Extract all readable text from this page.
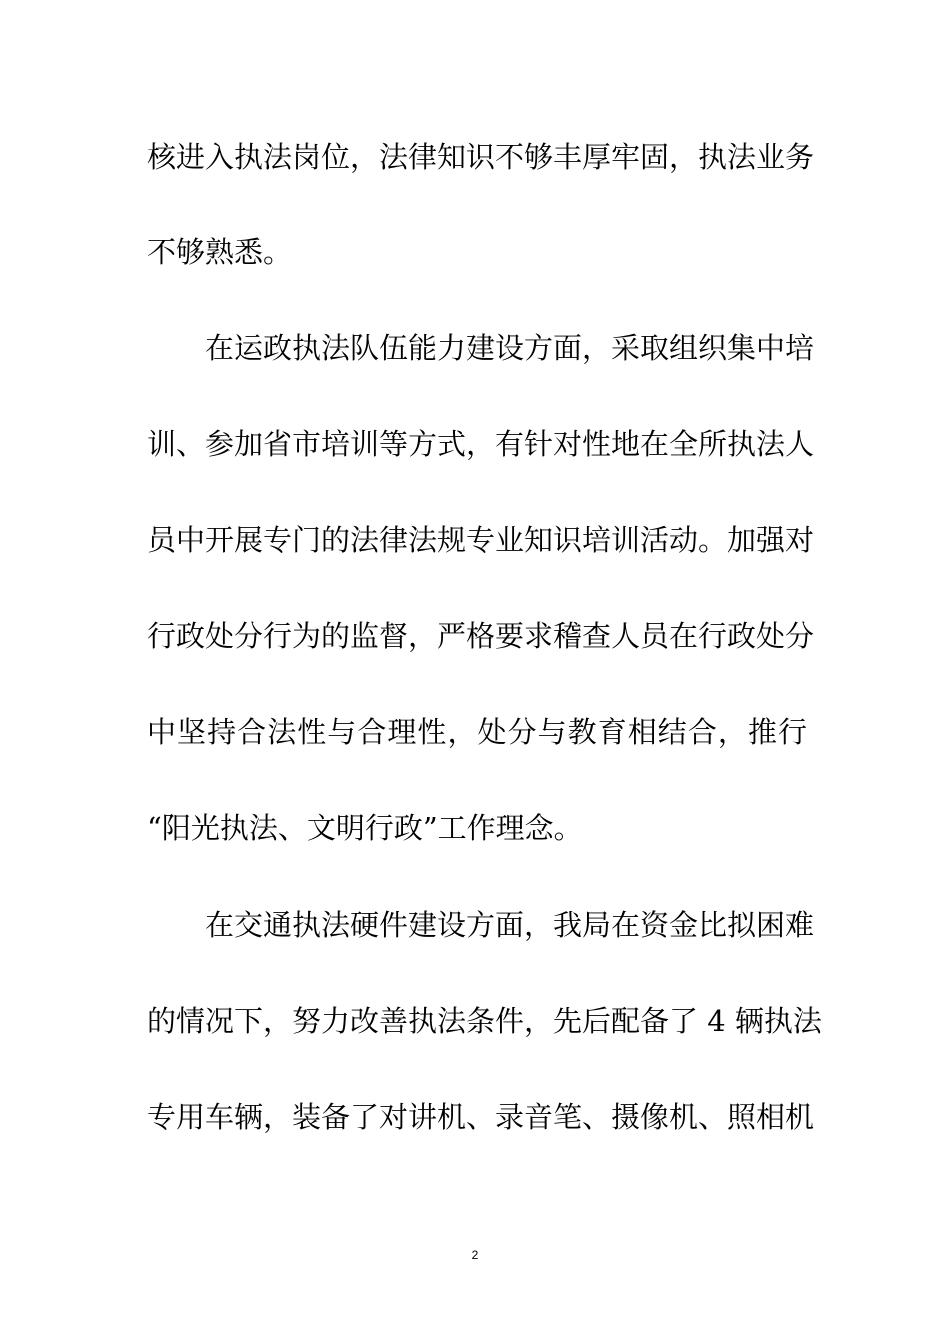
核进入执法岗位，法律知识不够丰厚牢固，执法业务
不够熟悉。
在运政执法队伍能力建设方面，采取组织集中培
训、参加省市培训等方式，有针对性地在全所执法人
员中开展专门的法律法规专业知识培训活动。加强对
行政处分行为的监督，严格要求稽查人员在行政处分
中坚持合法性与合理性，处分与教育相结合，推行
“阳光执法、文明行政”工作理念。
在交通执法硬件建设方面，我局在资金比拟困难
的情况下，努力改善执法条件，先后配备了 4 辆执法
专用车辆，装备了对讲机、录音笔、摄像机、照相机
2
